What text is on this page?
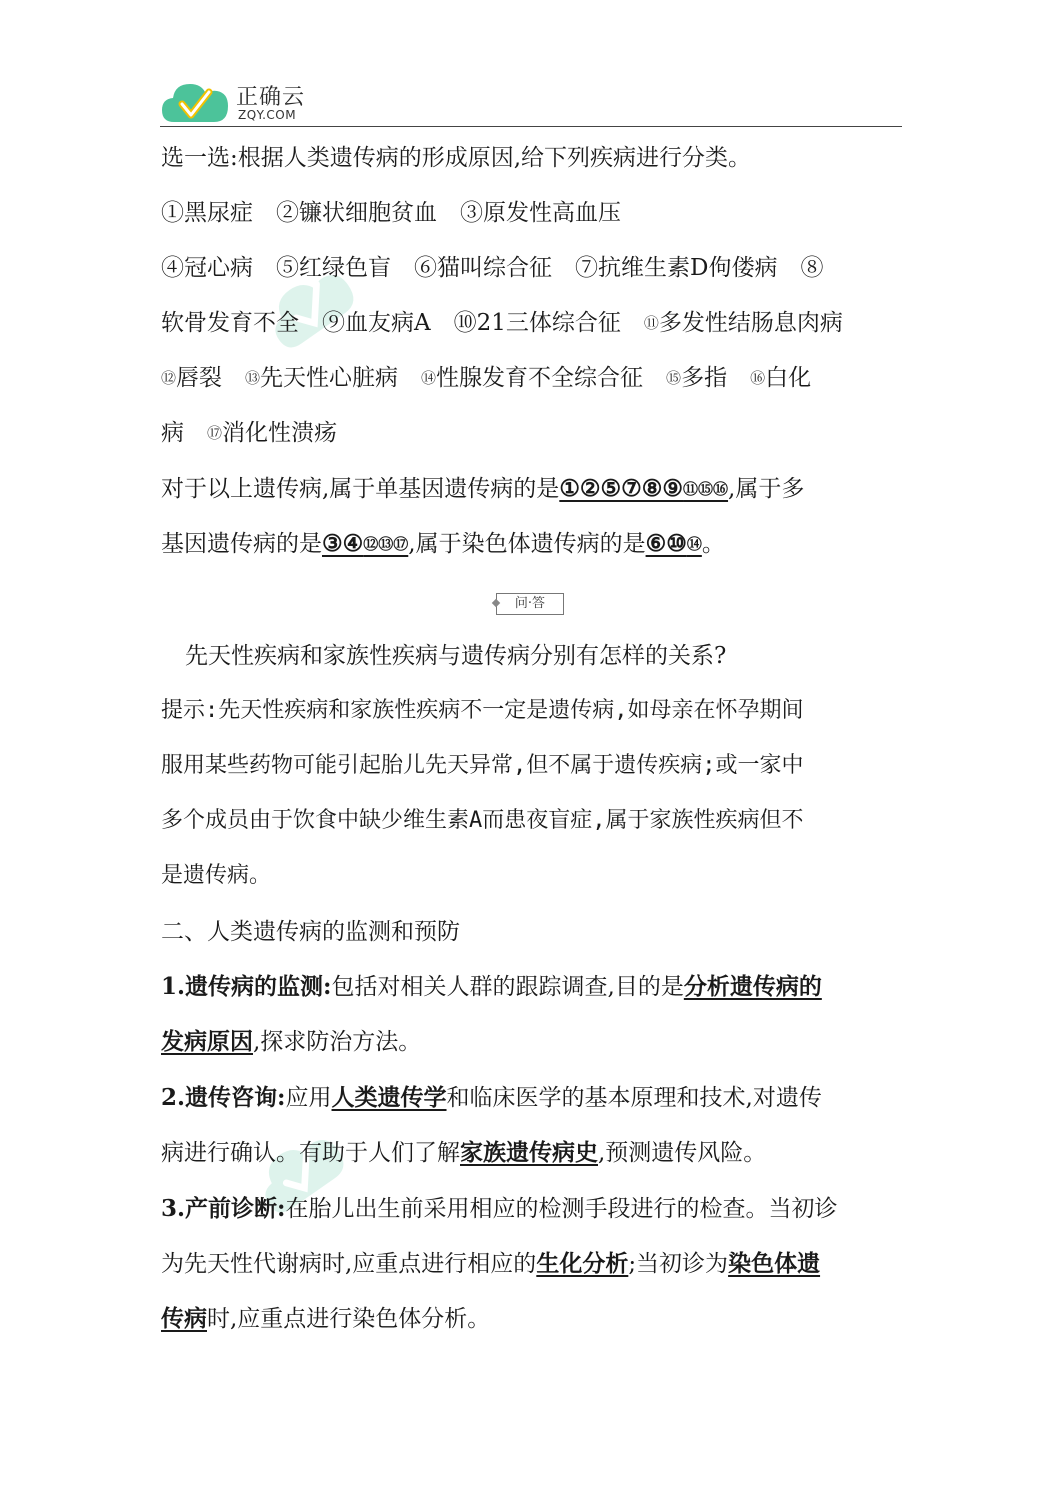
正确云
ZQY.COM
选一选:根据人类遗传病的形成原因,给下列疾病进行分类。
①黑尿症　②镰状细胞贫血　③原发性高血压
④冠心病　⑤红绿色盲　⑥猫叫综合征　⑦抗维生素D佝偻病　⑧
软骨发育不全　⑨血友病A　⑩21三体综合征　⑪多发性结肠息肉病
⑫唇裂　⑬先天性心脏病　⑭性腺发育不全综合征　⑮多指　⑯白化
病　⑰消化性溃疡
对于以上遗传病,属于单基因遗传病的是①②⑤⑦⑧⑨⑪⑮⑯,属于多
基因遗传病的是③④⑫⑬⑰,属于染色体遗传病的是⑥⑩⑭。
先天性疾病和家族性疾病与遗传病分别有怎样的关系?
提示:先天性疾病和家族性疾病不一定是遗传病,如母亲在怀孕期间
服用某些药物可能引起胎儿先天异常,但不属于遗传疾病;或一家中
多个成员由于饮食中缺少维生素A而患夜盲症,属于家族性疾病但不
是遗传病。
二、人类遗传病的监测和预防
1.遗传病的监测:包括对相关人群的跟踪调查,目的是分析遗传病的
发病原因,探求防治方法。
2.遗传咨询:应用人类遗传学和临床医学的基本原理和技术,对遗传
病进行确认。有助于人们了解家族遗传病史,预测遗传风险。
3.产前诊断:在胎儿出生前采用相应的检测手段进行的检查。当初诊
为先天性代谢病时,应重点进行相应的生化分析;当初诊为染色体遗
传病时,应重点进行染色体分析。
问·答
